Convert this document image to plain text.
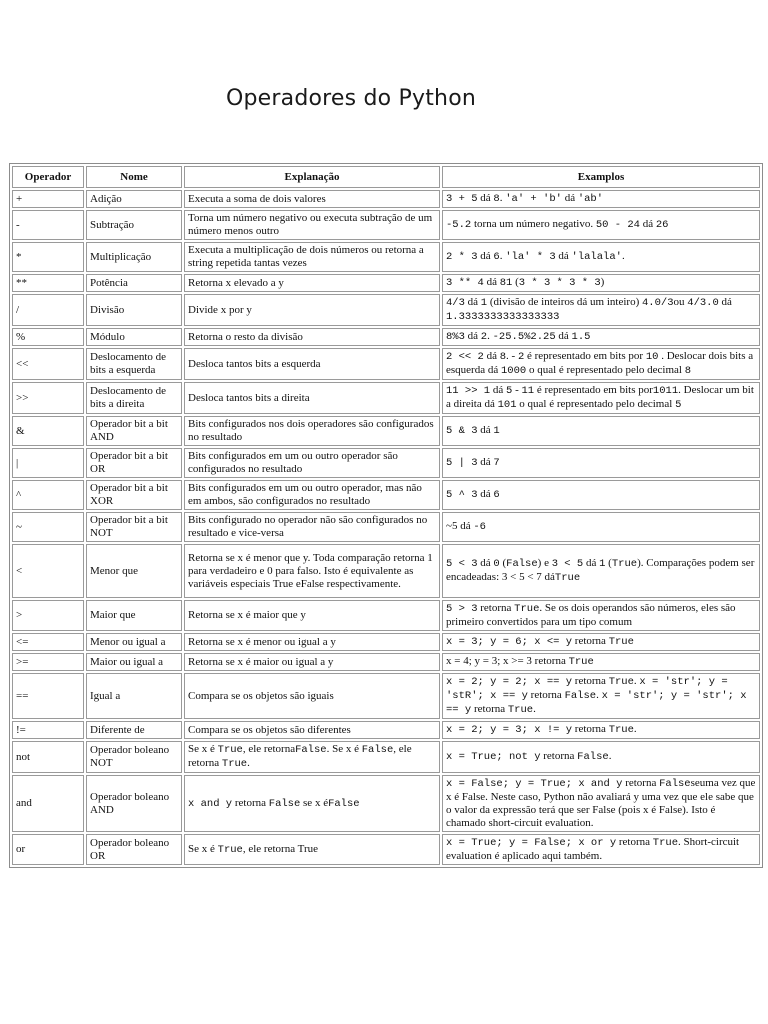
Operadores do Python
Operador	Nome	Explanação	Examplos
+	Adição	Executa a soma de dois valores	3 + 5 dá 8. 'a' + 'b' dá 'ab'
-	Subtração	Torna um número negativo ou executa subtração de um número menos outro	-5.2 torna um número negativo. 50 - 24 dá 26
*	Multiplicação	Executa a multiplicação de dois números ou retorna a string repetida tantas vezes	2 * 3 dá 6. 'la' * 3 dá 'lalala'.
**	Potência	Retorna x elevado a y	3 ** 4 dá 81 (3 * 3 * 3 * 3)
/	Divisão	Divide x por y	4/3 dá 1 (divisão de inteiros dá um inteiro) 4.0/3ou 4/3.0 dá 1.3333333333333333
%	Módulo	Retorna o resto da divisão	8%3 dá 2. -25.5%2.25 dá 1.5
<<	Deslocamento de bits a esquerda	Desloca tantos bits a esquerda	2 << 2 dá 8. - 2 é representado em bits por 10 . Deslocar dois bits a esquerda dá 1000 o qual é representado pelo decimal 8
>>	Deslocamento de bits a direita	Desloca tantos bits a direita	11 >> 1 dá 5 - 11 é representado em bits por1011. Deslocar um bit a direita dá 101 o qual é representado pelo decimal 5
&	Operador bit a bit AND	Bits configurados nos dois operadores são configurados no resultado	5 & 3 dá 1
|	Operador bit a bit OR	Bits configurados em um ou outro operador são configurados no resultado	5 | 3 dá 7
^	Operador bit a bit XOR	Bits configurados em um ou outro operador, mas não em ambos, são configurados no resultado	5 ^ 3 dá 6
~	Operador bit a bit NOT	Bits configurado no operador não são configurados no resultado e vice-versa	~5 dá -6
<	Menor que	Retorna se x é menor que y. Toda comparação retorna 1 para verdadeiro e 0 para falso. Isto é equivalente as variáveis especiais True eFalse respectivamente.	5 < 3 dá 0 (False) e 3 < 5 dá 1 (True). Comparações podem ser encadeadas: 3 < 5 < 7 dáTrue
>	Maior que	Retorna se x é maior que y	5 > 3 retorna True. Se os dois operandos são números, eles são primeiro convertidos para um tipo comum
<=	Menor ou igual a	Retorna se x é menor ou igual a y	x = 3; y = 6; x <= y retorna True
>=	Maior ou igual a	Retorna se x é maior ou igual a y	x = 4; y = 3; x >= 3 retorna True
==	Igual a	Compara se os objetos são iguais	x = 2; y = 2; x == y retorna True. x = 'str'; y = 'stR'; x == y retorna False. x = 'str'; y = 'str'; x == y retorna True.
!=	Diferente de	Compara se os objetos são diferentes	x = 2; y = 3; x != y retorna True.
not	Operador boleano NOT	Se x é True, ele retornaFalse. Se x é False, ele retorna True.	x = True; not y retorna False.
and	Operador boleano AND	x and y retorna False se x éFalse	x = False; y = True; x and y retorna Falseseuma vez que x é False. Neste caso, Python não avaliará y uma vez que ele sabe que o valor da expressão terá que ser False (pois x é False). Isto é chamado short-circuit evaluation.
or	Operador boleano OR	Se x é True, ele retorna True	x = True; y = False; x or y retorna True. Short-circuit evaluation é aplicado aqui também.
